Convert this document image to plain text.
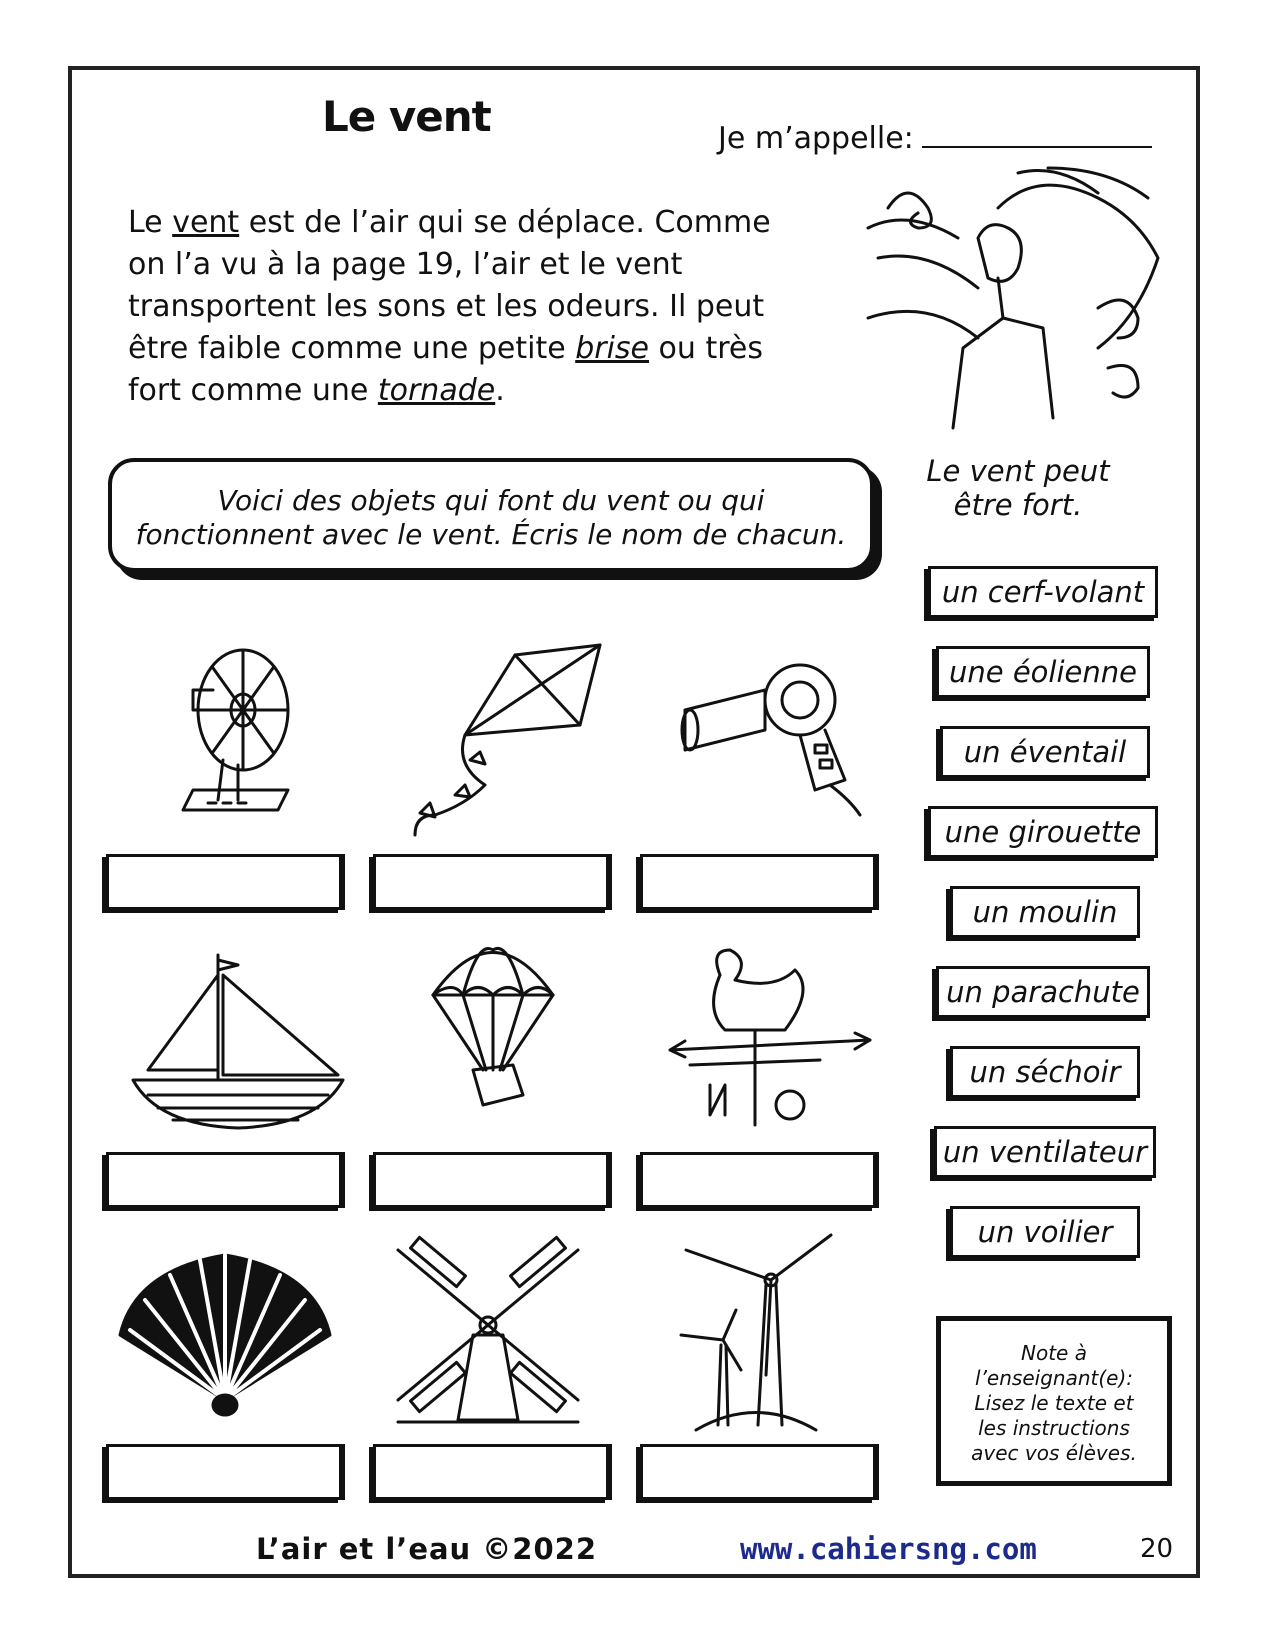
Le vent	Je m’appelle:
Le vent est de l’air qui se déplace. Comme on l’a vu à la page 19, l’air et le vent transportent les sons et les odeurs. Il peut être faible comme une petite brise ou très fort comme une tornade.
Le vent peut
être fort.
Voici des objets qui font du vent ou qui
fonctionnent avec le vent. Écris le nom de chacun.
un cerf-volant
une éolienne
un éventail
une girouette
un moulin
un parachute
un séchoir
un ventilateur
un voilier
Note à
l’enseignant(e):
Lisez le texte et
les instructions
avec vos élèves.
L’air et l’eau ©2022	www.cahiersng.com	20
